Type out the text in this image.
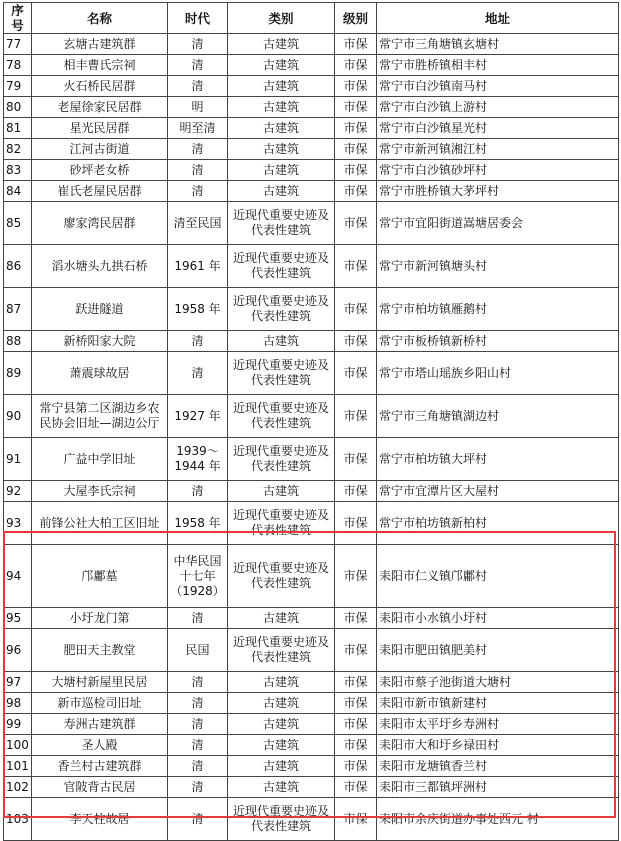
序号	名称	时代	类别	级别	地址
77	玄塘古建筑群	清	古建筑	市保	常宁市三角塘镇玄塘村
78	相丰曹氏宗祠	清	古建筑	市保	常宁市胜桥镇相丰村
79	火石桥民居群	清	古建筑	市保	常宁市白沙镇南马村
80	老屋徐家民居群	明	古建筑	市保	常宁市白沙镇上游村
81	星光民居群	明至清	古建筑	市保	常宁市白沙镇星光村
82	江河古街道	清	古建筑	市保	常宁市新河镇湘江村
83	砂坪老女桥	清	古建筑	市保	常宁市白沙镇砂坪村
84	崔氏老屋民居群	清	古建筑	市保	常宁市胜桥镇大茅坪村
85	廖家湾民居群	清至民国	近现代重要史迹及代表性建筑	市保	常宁市宜阳街道嵩塘居委会
86	滔水塘头九拱石桥	1961 年	近现代重要史迹及代表性建筑	市保	常宁市新河镇塘头村
87	跃进隧道	1958 年	近现代重要史迹及代表性建筑	市保	常宁市柏坊镇雁鹅村
88	新桥阳家大院	清	古建筑	市保	常宁市板桥镇新桥村
89	萧震球故居	清	近现代重要史迹及代表性建筑	市保	常宁市塔山瑶族乡阳山村
90	常宁县第二区湖边乡农民协会旧址—湖边公厅	1927 年	近现代重要史迹及代表性建筑	市保	常宁市三角塘镇湖边村
91	广益中学旧址	1939～1944 年	近现代重要史迹及代表性建筑	市保	常宁市柏坊镇大坪村
92	大屋李氏宗祠	清	古建筑	市保	常宁市宜潭片区大屋村
93	前锋公社大柏工区旧址	1958 年	近现代重要史迹及代表性建筑	市保	常宁市柏坊镇新柏村
94	邝鄘墓	中华民国十七年（1928）	近现代重要史迹及代表性建筑	市保	耒阳市仁义镇邝鄘村
95	小圩龙门第	清	古建筑	市保	耒阳市小水镇小圩村
96	肥田天主教堂	民国	近现代重要史迹及代表性建筑	市保	耒阳市肥田镇肥美村
97	大塘村新屋里民居	清	古建筑	市保	耒阳市蔡子池街道大塘村
98	新市巡检司旧址	清	古建筑	市保	耒阳市新市镇新建村
99	寿洲古建筑群	清	古建筑	市保	耒阳市太平圩乡寿洲村
100	圣人殿	清	古建筑	市保	耒阳市大和圩乡禄田村
101	香兰村古建筑群	清	古建筑	市保	耒阳市龙塘镇香兰村
102	官陂背古民居	清	古建筑	市保	耒阳市三都镇坪洲村
103	李天柱故居	清	近现代重要史迹及代表性建筑	市保	耒阳市余庆街道办事处西元 村
